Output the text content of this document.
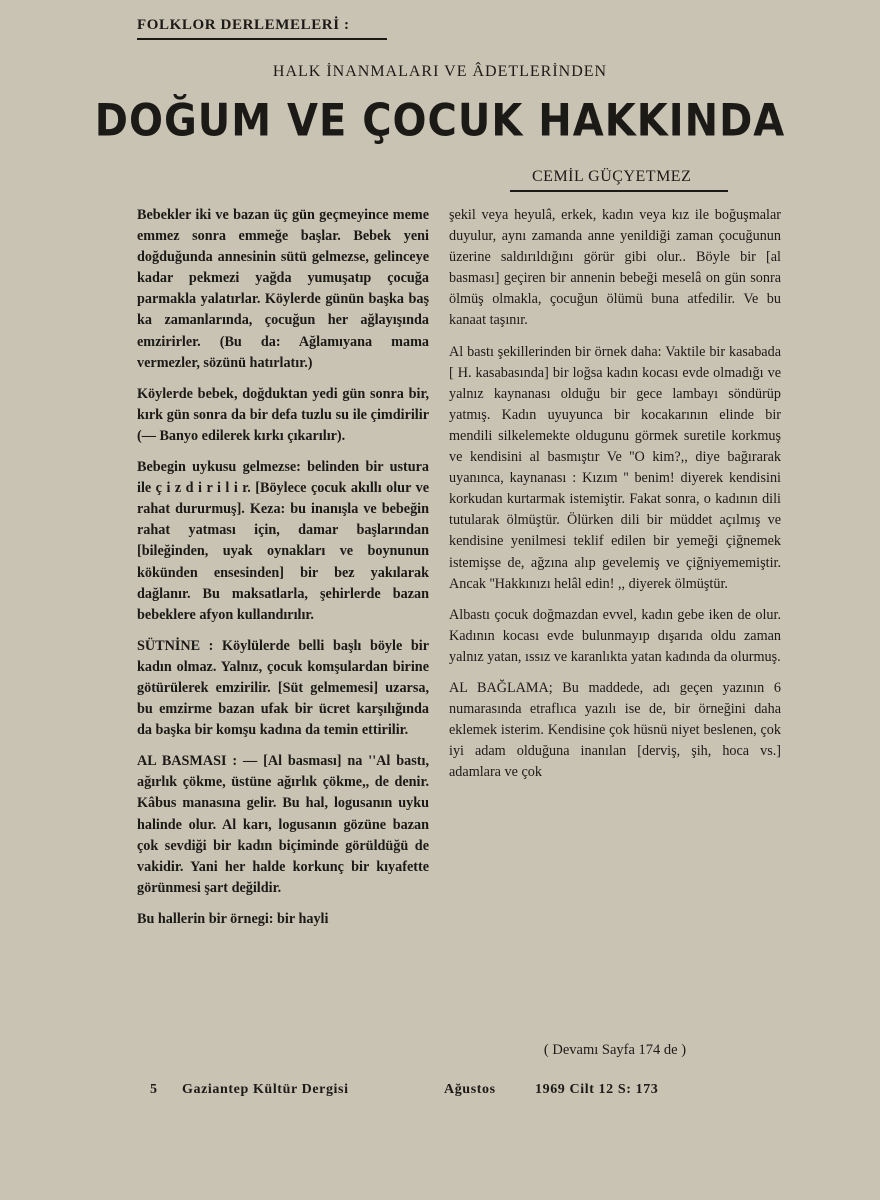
FOLKLOR DERLEMELERİ :
HALK İNANMALARI VE ÂDETLERİNDEN
DOĞUM VE ÇOCUK HAKKINDA
CEMİL GÜÇYETMEZ

Bebekler iki ve bazan üç gün geçmeyince meme emmez sonra emmeğe başlar. Bebek yeni doğduğunda annesinin sütü gelmezse, gelinceye kadar pekmezi yağda yumuşatıp çocuğa parmakla yalatırlar. Köylerde günün başka baş ka zamanlarında, çocuğun her ağlayışında emzirirler. (Bu da: Ağlamıyana mama vermezler, sözünü hatırlatır.)

Köylerde bebek, doğduktan yedi gün sonra bir, kırk gün sonra da bir defa tuzlu su ile çimdirilir (— Banyo edilerek kırkı çıkarılır).

Bebegin uykusu gelmezse: belinden bir ustura ile ç i z d i r i l i r. [Böylece çocuk akıllı olur ve rahat dururmuş]. Keza: bu inanışla ve bebeğin rahat yatması için, damar başlarından [bileğinden, uyak oynakları ve boynunun kökünden ensesinden] bir bez yakılarak dağlanır. Bu maksatlarla, şehirlerde bazan bebeklere afyon kullandırılır.

SÜTNİNE : Köylülerde belli başlı böyle bir kadın olmaz. Yalnız, çocuk komşulardan birine götürülerek emzirilir. [Süt gelmemesi] uzarsa, bu emzirme bazan ufak bir ücret karşılığında da başka bir komşu kadına da temin ettirilir.

AL BASMASI : — [Al basması] na ''Al bastı, ağırlık çökme, üstüne ağırlık çökme,, de denir. Kâbus manasına gelir. Bu hal, logusanın uyku halinde olur. Al karı, logusanın gözüne bazan çok sevdiği bir kadın biçiminde görüldüğü de vakidir. Yani her halde korkunç bir kıyafette görünmesi şart değildir.

Bu hallerin bir örnegi: bir hayli

şekil veya heyulâ, erkek, kadın veya kız ile boğuşmalar duyulur, aynı zamanda anne yenildiği zaman çocuğunun üzerine saldırıldığını görür gibi olur.. Böyle bir [al basması] geçiren bir annenin bebeği meselâ on gün sonra ölmüş olmakla, çocuğun ölümü buna atfedilir. Ve bu kanaat taşınır.

Al bastı şekillerinden bir örnek daha: Vaktile bir kasabada [ H. kasabasında] bir loğsa kadın kocası evde olmadığı ve yalnız kaynanası olduğu bir gece lambayı söndürüp yatmış. Kadın uyuyunca bir kocakarının elinde bir mendili silkelemekte oldugunu görmek suretile korkmuş ve kendisini al basmıştır Ve ''O kim?,, diye bağırarak uyanınca, kaynanası : Kızım '' benim! diyerek kendisini korkudan kurtarmak istemiştir. Fakat sonra, o kadının dili tutularak ölmüştür. Ölürken dili bir müddet açılmış ve kendisine yenilmesi teklif edilen bir yemeği çiğnemek istemişse de, ağzına alıp gevelemiş ve çiğniyememiştir. Ancak ''Hakkınızı helâl edin! ,, diyerek ölmüştür.

Albastı çocuk doğmazdan evvel, kadın gebe iken de olur. Kadının kocası evde bulunmayıp dışarıda oldu zaman yalnız yatan, ıssız ve karanlıkta yatan kadında da olurmuş.

AL BAĞLAMA; Bu maddede, adı geçen yazının 6 numarasında etraflıca yazılı ise de, bir örneğini daha eklemek isterim. Kendisine çok hüsnü niyet beslenen, çok iyi adam olduğuna inanılan [derviş, şih, hoca vs.] adamlara ve çok

( Devamı Sayfa 174 de )
5 Gaziantep Kültür Dergisi	Ağustos	1969 Cilt 12 S: 173
